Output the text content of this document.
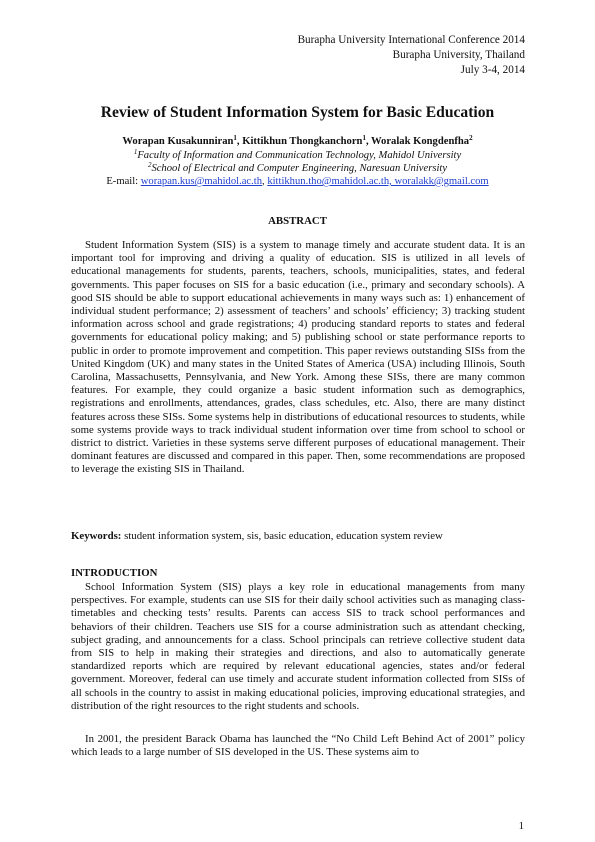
Burapha University International Conference 2014
Burapha University, Thailand
July 3-4, 2014
Review of Student Information System for Basic Education
Worapan Kusakunniran$^1$, Kittikhun Thongkanchorn$^1$, Woralak Kongdenfha$^2$
$^1$Faculty of Information and Communication Technology, Mahidol University
$^2$School of Electrical and Computer Engineering, Naresuan University
E-mail: worapan.kus@mahidol.ac.th, kittikhun.tho@mahidol.ac.th, woralakk@gmail.com
ABSTRACT

Student Information System (SIS) is a system to manage timely and accurate student data. It is an important tool for improving and driving a quality of education. SIS is utilized in all levels of educational managements for students, parents, teachers, schools, municipalities, states, and federal governments. This paper focuses on SIS for a basic education (i.e., primary and secondary schools). A good SIS should be able to support educational achievements in many ways such as: 1) enhancement of individual student performance; 2) assessment of teachers’ and schools’ efficiency; 3) tracking student information across school and grade registrations; 4) producing standard reports to states and federal governments for educational policy making; and 5) publishing school or state performance reports to public in order to promote improvement and competition. This paper reviews outstanding SISs from the United Kingdom (UK) and many states in the United States of America (USA) including Illinois, South Carolina, Massachusetts, Pennsylvania, and New York. Among these SISs, there are many common features. For example, they could organize a basic student information such as demographics, registrations and enrollments, attendances, grades, class schedules, etc. Also, there are many distinct features across these SISs. Some systems help in distributions of educational resources to students, while some systems provide ways to track individual student information over time from school to school or district to district. Varieties in these systems serve different purposes of educational management. Their dominant features are discussed and compared in this paper. Then, some recommendations are proposed to leverage the existing SIS in Thailand.

Keywords: student information system, sis, basic education, education system review

INTRODUCTION

School Information System (SIS) plays a key role in educational managements from many perspectives. For example, students can use SIS for their daily school activities such as managing class-timetables and checking tests’ results. Parents can access SIS to track school performances and behaviors of their children. Teachers use SIS for a course administration such as attendant checking, subject grading, and announcements for a class. School principals can retrieve collective student data from SIS to help in making their strategies and directions, and also to automatically generate standardized reports which are required by relevant educational agencies, states and/or federal government. Moreover, federal can use timely and accurate student information collected from SISs of all schools in the country to assist in making educational policies, improving educational strategies, and distribution of the right resources to the right students and schools.

In 2001, the president Barack Obama has launched the “No Child Left Behind Act of 2001” policy which leads to a large number of SIS developed in the US. These systems aim to

1
